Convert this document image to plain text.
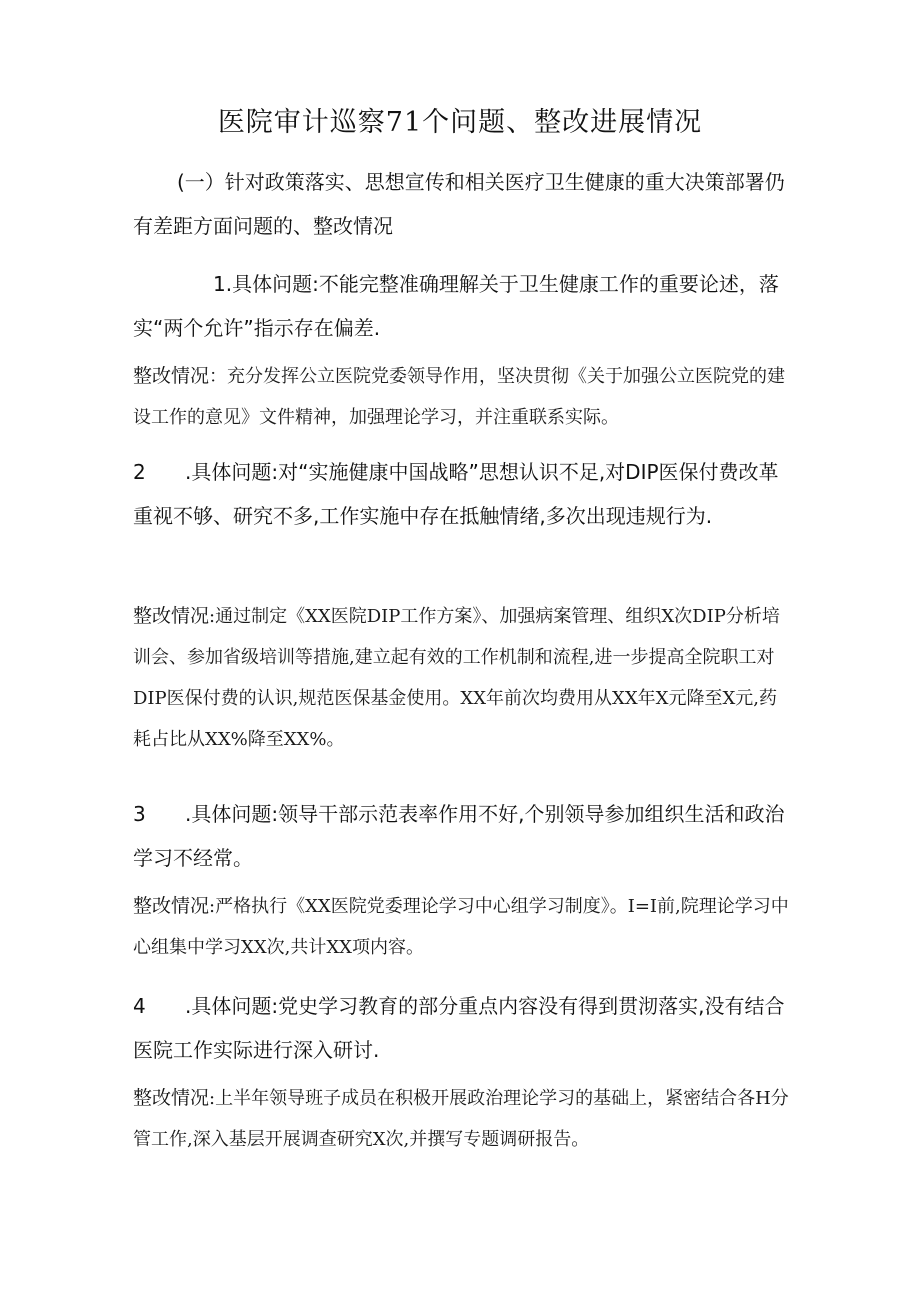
医院审计巡察71个问题、整改进展情况

(一）针对政策落实、思想宣传和相关医疗卫生健康的重大决策部署仍有差距方面问题的、整改情况

1.具体问题:不能完整准确理解关于卫生健康工作的重要论述，落实“两个允许”指示存在偏差.

整改情况：充分发挥公立医院党委领导作用，坚决贯彻《关于加强公立医院党的建设工作的意见》文件精神，加强理论学习，并注重联系实际。

2 .具体问题:对“实施健康中国战略”思想认识不足,对DIP医保付费改革重视不够、研究不多,工作实施中存在抵触情绪,多次出现违规行为.

整改情况:通过制定《XX医院DIP工作方案》、加强病案管理、组织X次DIP分析培训会、参加省级培训等措施,建立起有效的工作机制和流程,进一步提高全院职工对DIP医保付费的认识,规范医保基金使用。XX年前次均费用从XX年X元降至X元,药耗占比从XX%降至XX%。

3 .具体问题:领导干部示范表率作用不好,个别领导参加组织生活和政治学习不经常。

整改情况:严格执行《XX医院党委理论学习中心组学习制度》。I=I前,院理论学习中心组集中学习XX次,共计XX项内容。

4 .具体问题:党史学习教育的部分重点内容没有得到贯沏落实,没有结合医院工作实际进行深入研讨.

整改情况:上半年领导班子成员在积极开展政治理论学习的基础上，紧密结合各H分管工作,深入基层开展调查研究X次,并撰写专题调研报告。
